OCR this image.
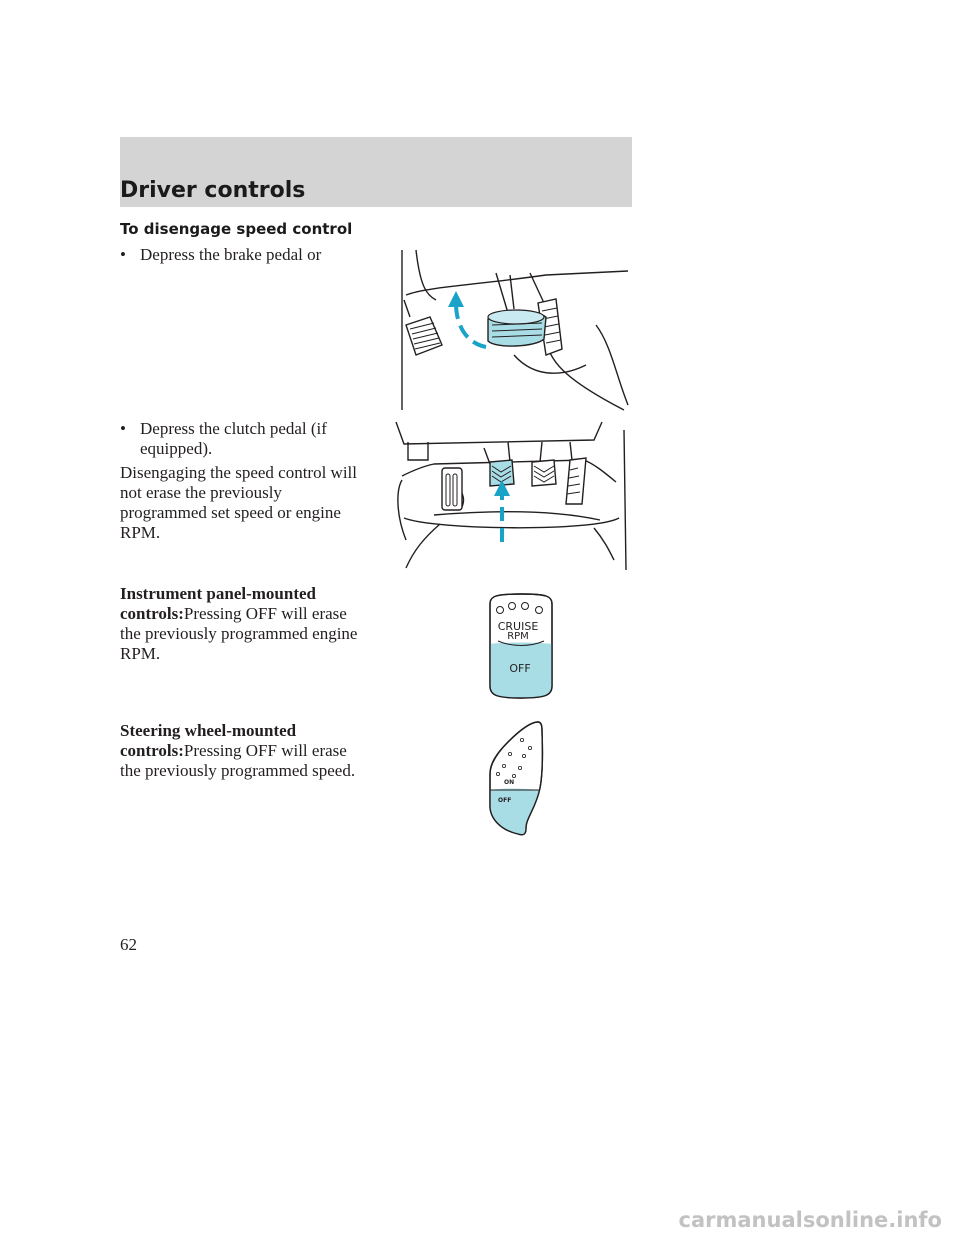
Driver controls
To disengage speed control
• Depress the brake pedal or
• Depress the clutch pedal (if
equipped).
Disengaging the speed control will
not erase the previously
programmed set speed or engine
RPM.
Instrument panel-mounted
controls:Pressing OFF will erase
the previously programmed engine
RPM.
Steering wheel-mounted
controls:Pressing OFF will erase
the previously programmed speed.
CRUISE
RPM
OFF
ON
OFF
62
carmanualsonline.info
